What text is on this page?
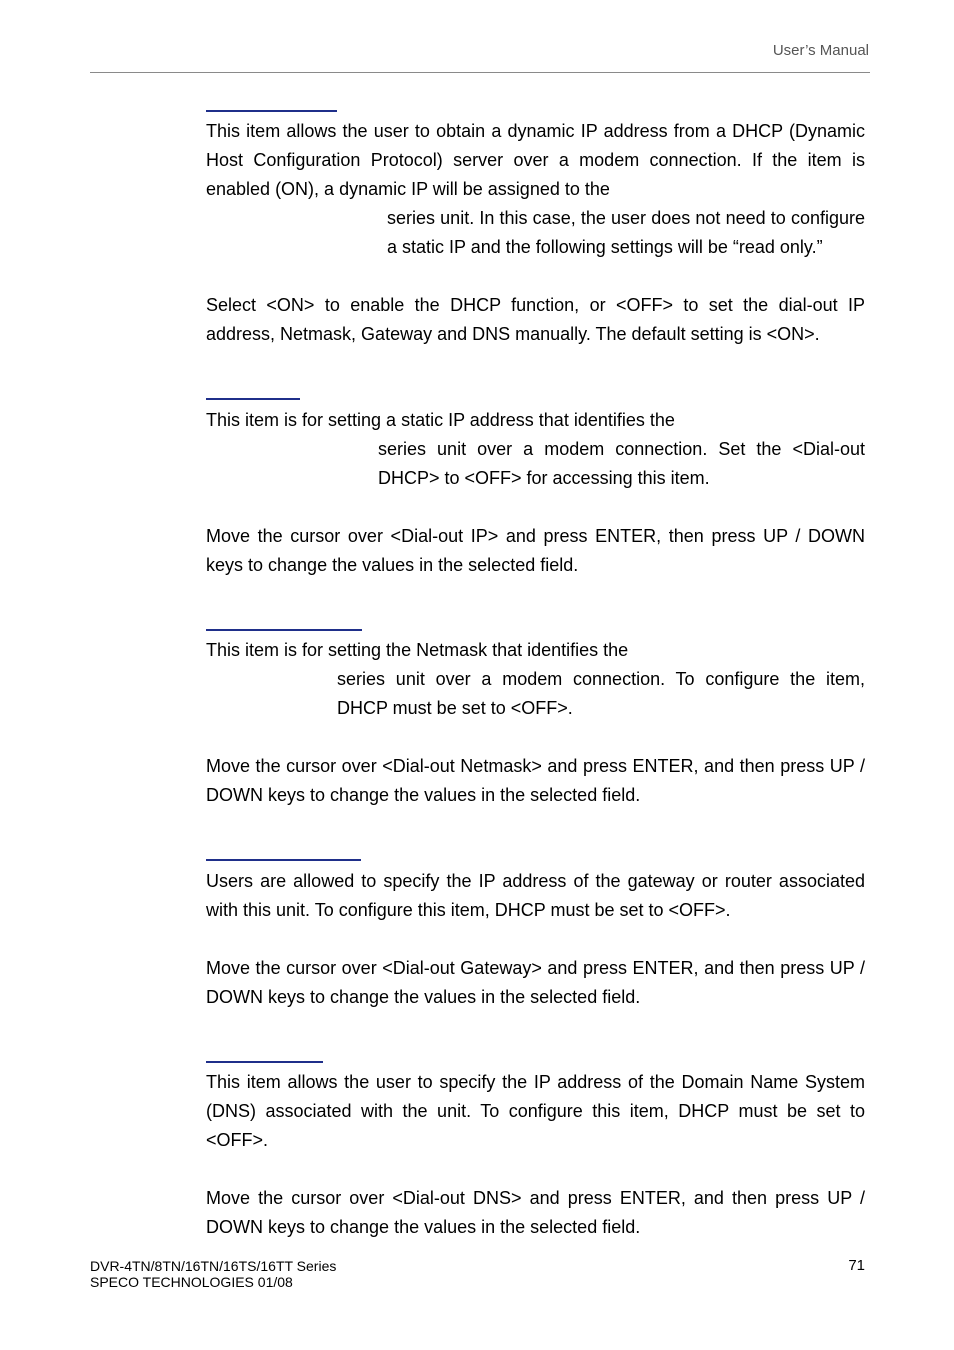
User’s Manual

This item allows the user to obtain a dynamic IP address from a DHCP (Dynamic Host Configuration Protocol) server over a modem connection. If the item is enabled (ON), a dynamic IP will be assigned to the

series unit. In this case, the user does not need to configure a static IP and the following settings will be “read only.”

Select <ON> to enable the DHCP function, or <OFF> to set the dial-out IP address, Netmask, Gateway and DNS manually. The default setting is <ON>.

This item is for setting a static IP address that identifies the

series unit over a modem connection. Set the <Dial-out DHCP> to <OFF> for accessing this item.

Move the cursor over <Dial-out IP> and press ENTER, then press UP / DOWN keys to change the values in the selected field.

This item is for setting the Netmask that identifies the

series unit over a modem connection. To configure the item, DHCP must be set to <OFF>.

Move the cursor over <Dial-out Netmask> and press ENTER, and then press UP / DOWN keys to change the values in the selected field.

Users are allowed to specify the IP address of the gateway or router associated with this unit. To configure this item, DHCP must be set to <OFF>.

Move the cursor over <Dial-out Gateway> and press ENTER, and then press UP / DOWN keys to change the values in the selected field.

This item allows the user to specify the IP address of the Domain Name System (DNS) associated with the unit. To configure this item, DHCP must be set to <OFF>.

Move the cursor over <Dial-out DNS> and press ENTER, and then press UP / DOWN keys to change the values in the selected field.

DVR-4TN/8TN/16TN/16TS/16TT Series
SPECO TECHNOLOGIES 01/08
71
